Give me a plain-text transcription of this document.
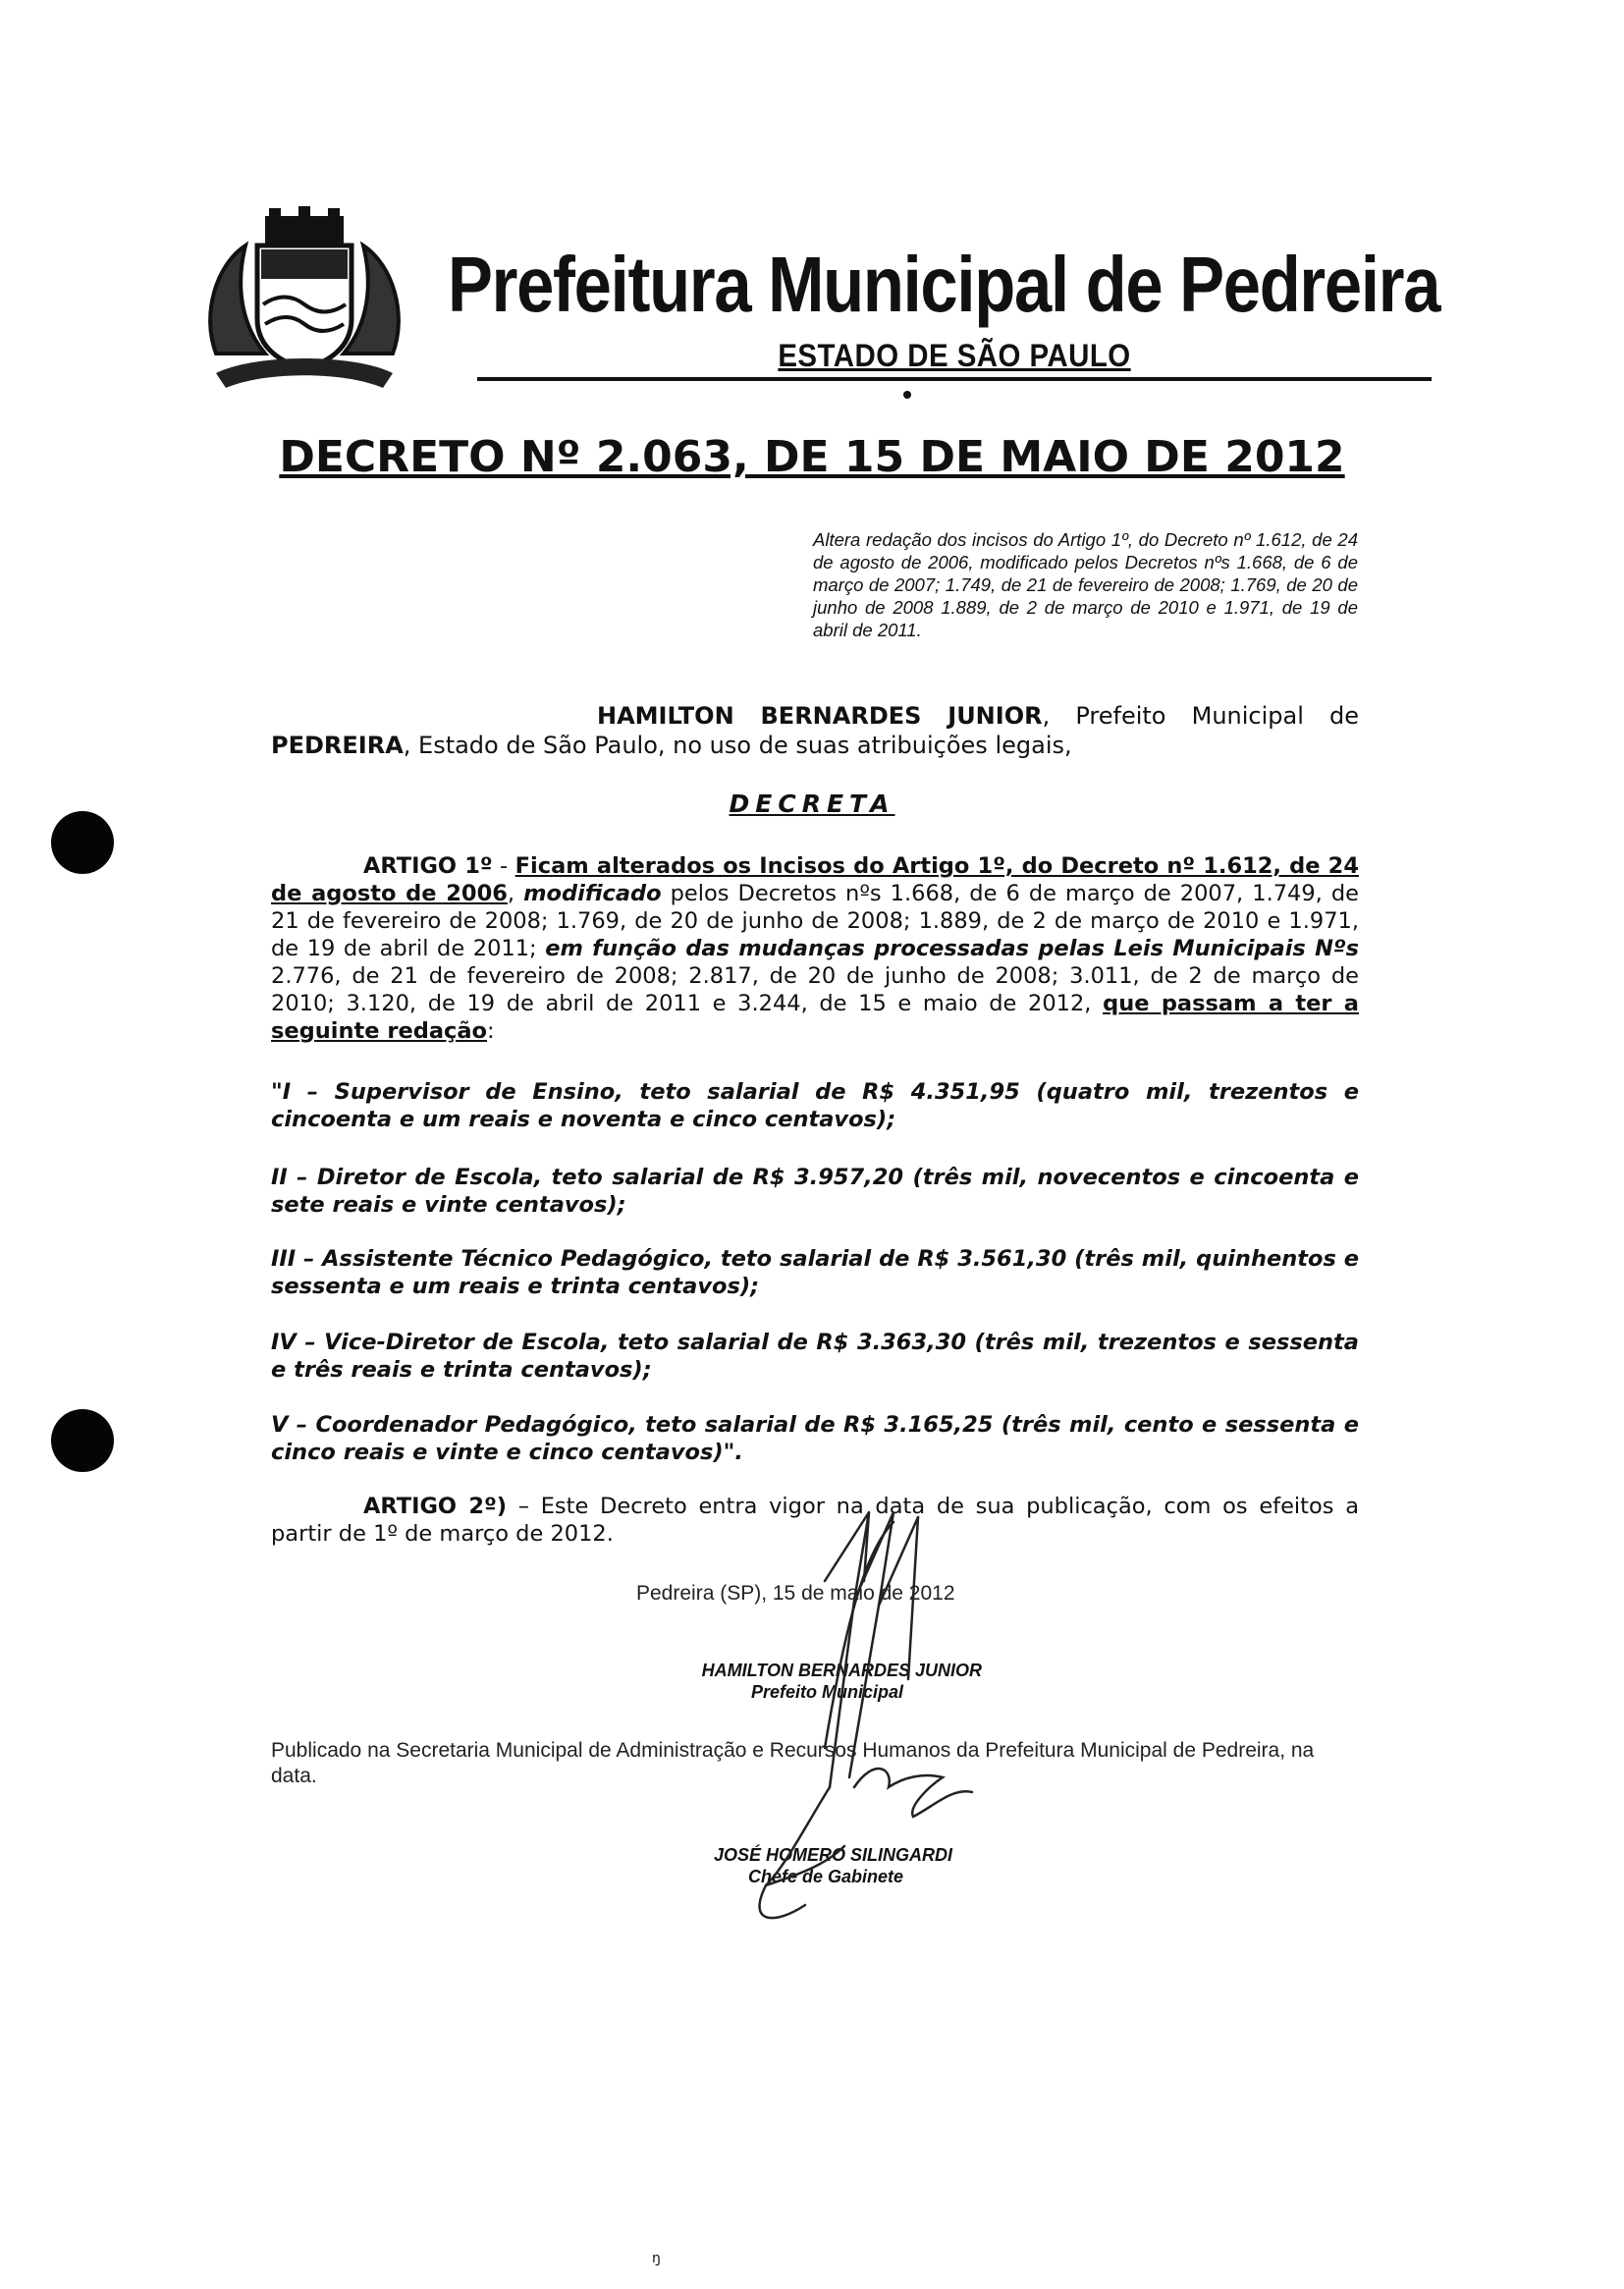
Prefeitura Municipal de Pedreira
ESTADO DE SÃO PAULO
DECRETO Nº 2.063, DE 15 DE MAIO DE 2012
Altera redação dos incisos do Artigo 1º, do Decreto nº 1.612, de 24 de agosto de 2006, modificado pelos Decretos nºs 1.668, de 6 de março de 2007; 1.749, de 21 de fevereiro de 2008; 1.769, de 20 de junho de 2008 1.889, de 2 de março de 2010 e 1.971, de 19 de abril de 2011.
HAMILTON BERNARDES JUNIOR, Prefeito Municipal de PEDREIRA, Estado de São Paulo, no uso de suas atribuições legais,
DECRETA
ARTIGO 1º - Ficam alterados os Incisos do Artigo 1º, do Decreto nº 1.612, de 24 de agosto de 2006, modificado pelos Decretos nºs 1.668, de 6 de março de 2007, 1.749, de 21 de fevereiro de 2008; 1.769, de 20 de junho de 2008; 1.889, de 2 de março de 2010 e 1.971, de 19 de abril de 2011; em função das mudanças processadas pelas Leis Municipais Nºs 2.776, de 21 de fevereiro de 2008; 2.817, de 20 de junho de 2008; 3.011, de 2 de março de 2010; 3.120, de 19 de abril de 2011 e 3.244, de 15 e maio de 2012, que passam a ter a seguinte redação:
"I – Supervisor de Ensino, teto salarial de R$ 4.351,95 (quatro mil, trezentos e cincoenta e um reais e noventa e cinco centavos);
II – Diretor de Escola, teto salarial de R$ 3.957,20 (três mil, novecentos e cincoenta e sete reais e vinte centavos);
III – Assistente Técnico Pedagógico, teto salarial de R$ 3.561,30 (três mil, quinhentos e sessenta e um reais e trinta centavos);
IV – Vice-Diretor de Escola, teto salarial de R$ 3.363,30 (três mil, trezentos e sessenta e três reais e trinta centavos);
V – Coordenador Pedagógico, teto salarial de R$ 3.165,25 (três mil, cento e sessenta e cinco reais e vinte e cinco centavos)".
ARTIGO 2º) – Este Decreto entra vigor na data de sua publicação, com os efeitos a partir de 1º de março de 2012.
Pedreira (SP), 15 de maio de 2012
HAMILTON BERNARDES JUNIOR
Prefeito Municipal
Publicado na Secretaria Municipal de Administração e Recursos Humanos da Prefeitura Municipal de Pedreira, na data.
JOSÉ HOMERO SILINGARDI
Chefe de Gabinete
ŋ
